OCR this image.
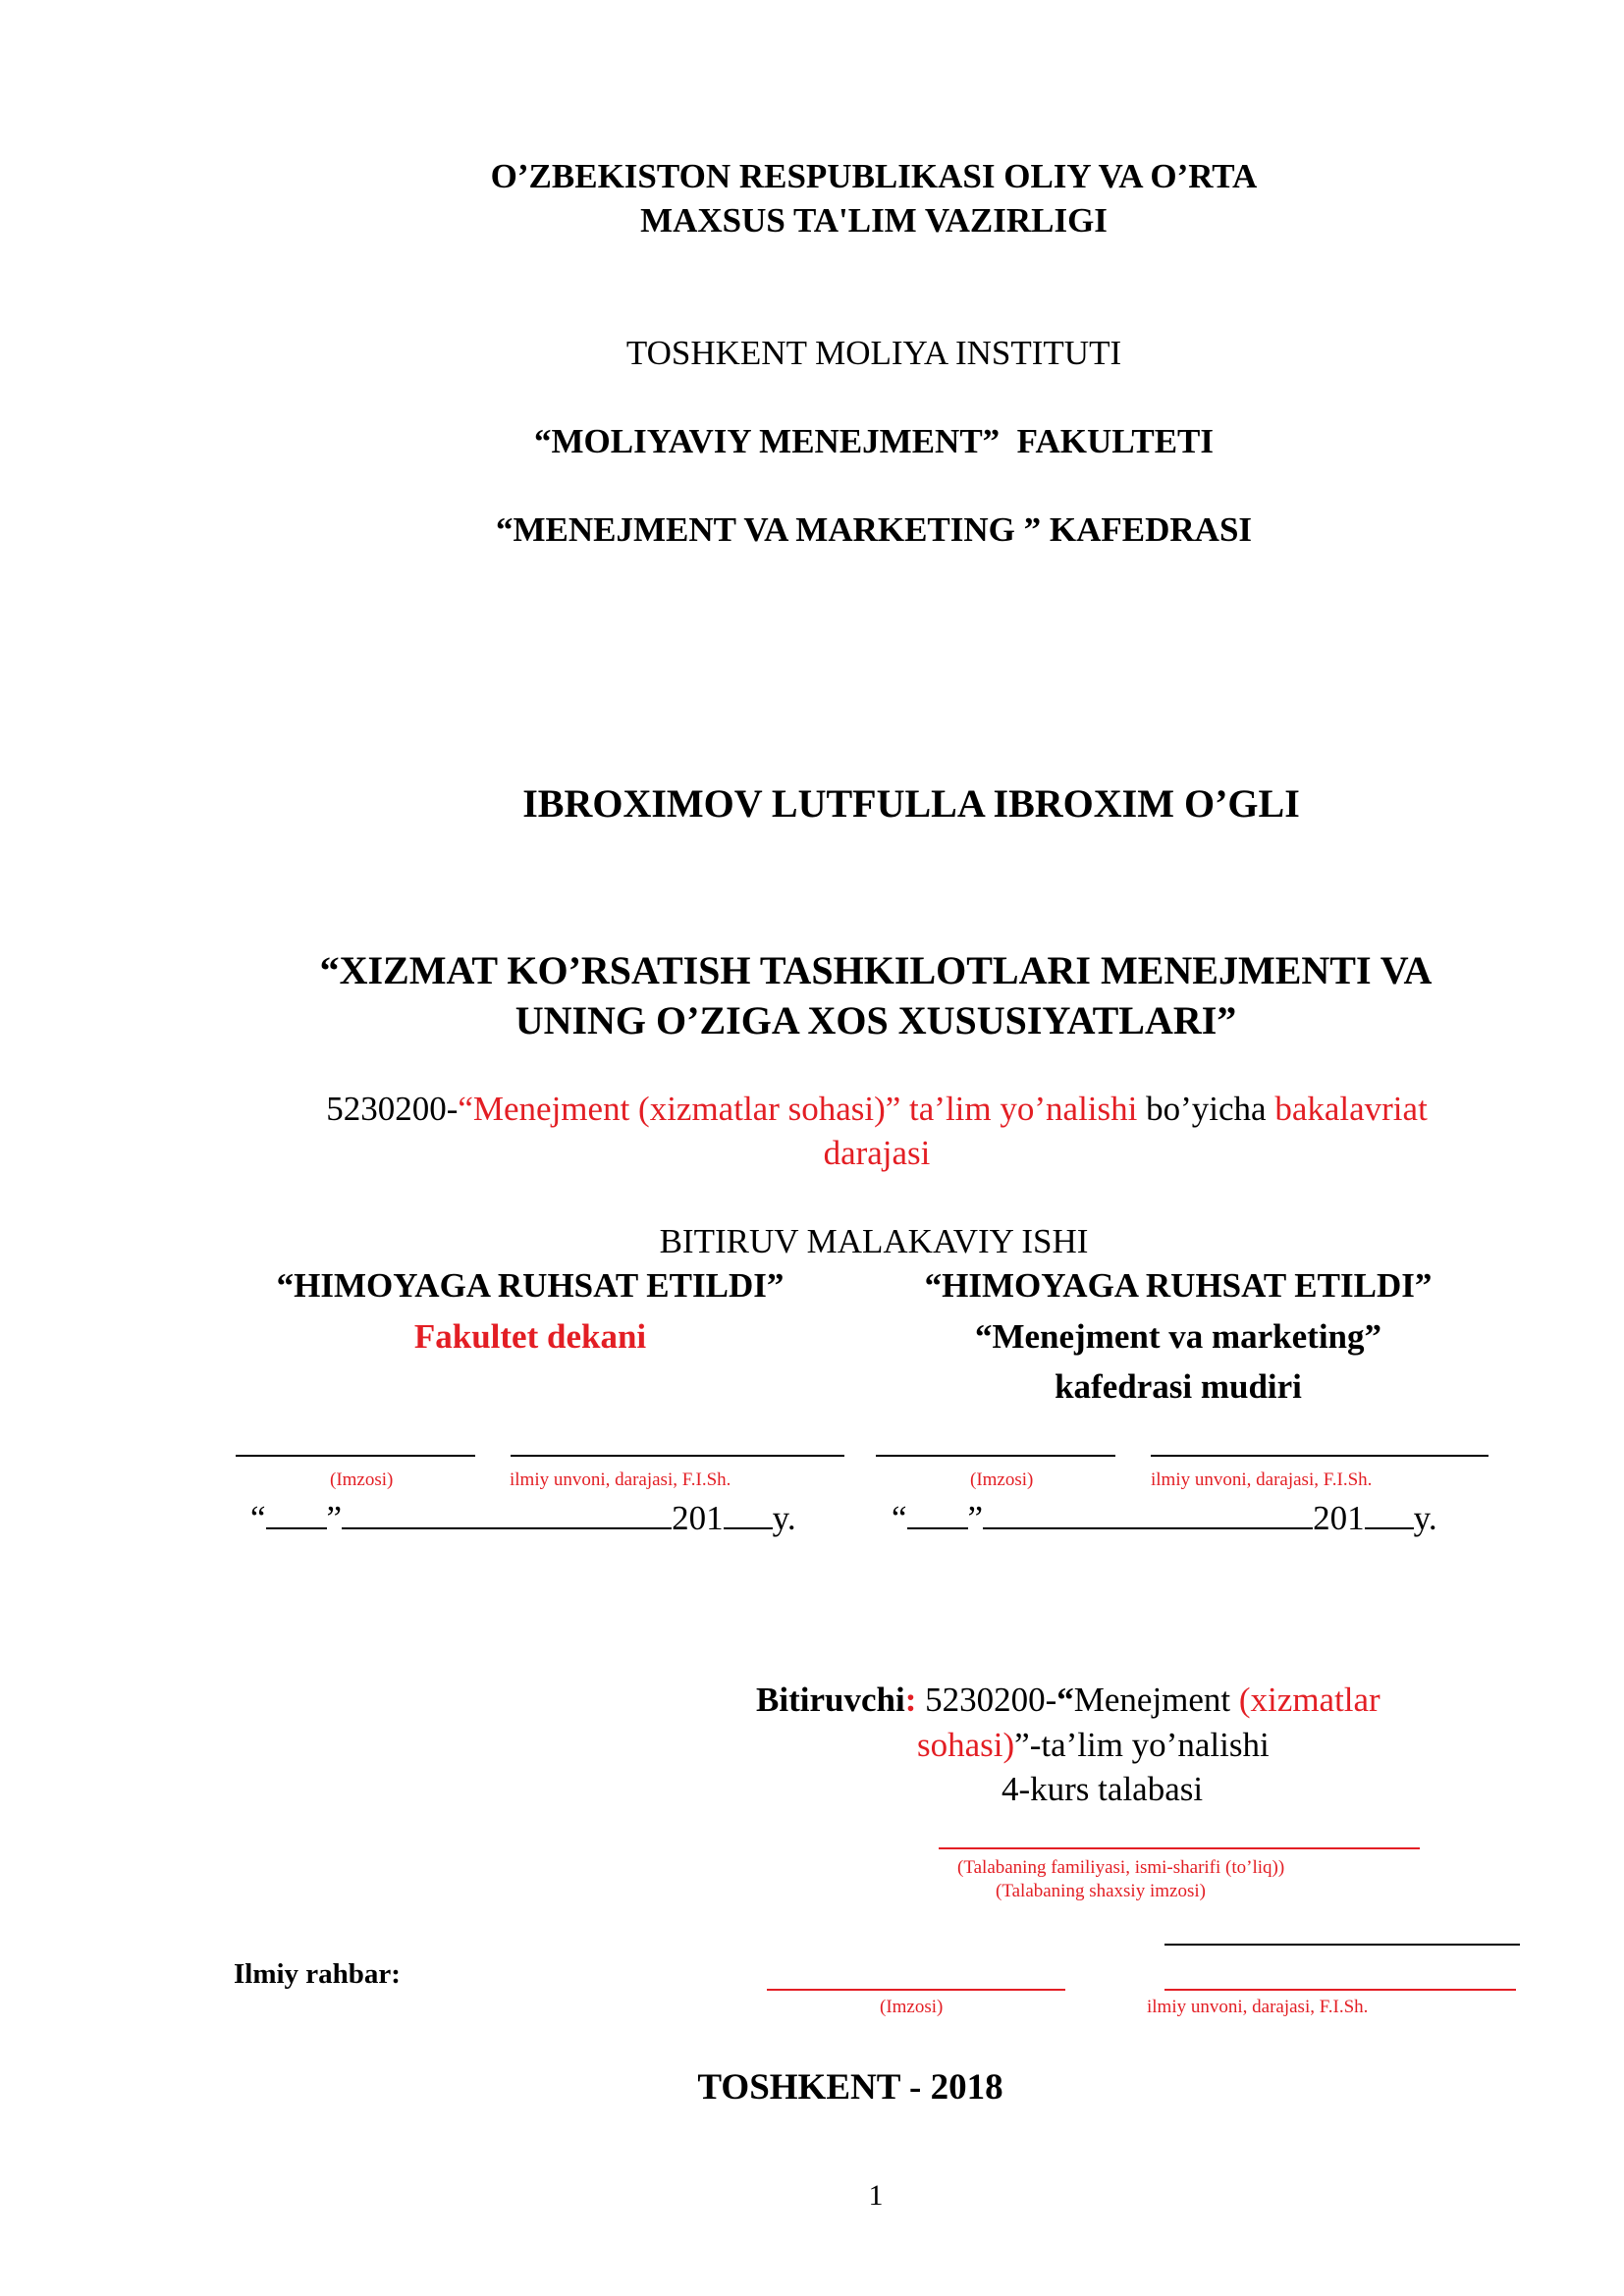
O’ZBEKISTON RESPUBLIKASI OLIY VA O’RTA
MAXSUS TA'LIM VAZIRLIGI
TOSHKENT MOLIYA INSTITUTI
“MOLIYAVIY MENEJMENT”  FAKULTETI
“MENEJMENT VA MARKETING ” KAFEDRASI
IBROXIMOV LUTFULLA IBROXIM O’GLI
“XIZMAT KO’RSATISH TASHKILOTLARI MENEJMENTI VA
UNING O’ZIGA XOS XUSUSIYATLARI”
5230200-“Menejment (xizmatlar sohasi)” ta’lim yo’nalishi bo’yicha bakalavriat
darajasi
BITIRUV MALAKAVIY ISHI
“HIMOYAGA RUHSAT ETILDI”
Fakultet dekani
“HIMOYAGA RUHSAT ETILDI”
“Menejment va marketing”
kafedrasi mudiri
(Imzosi)	ilmiy unvoni, darajasi, F.I.Sh.	(Imzosi)	ilmiy unvoni, darajasi, F.I.Sh.
“ ”	201 y.	“ ”	201 y.
Bitiruvchi: 5230200-“Menejment (xizmatlar
sohasi)”-ta’lim yo’nalishi
4-kurs talabasi
(Talabaning familiyasi, ismi-sharifi (to’liq))
(Talabaning shaxsiy imzosi)
Ilmiy rahbar:
(Imzosi)	ilmiy unvoni, darajasi, F.I.Sh.
TOSHKENT - 2018
1
